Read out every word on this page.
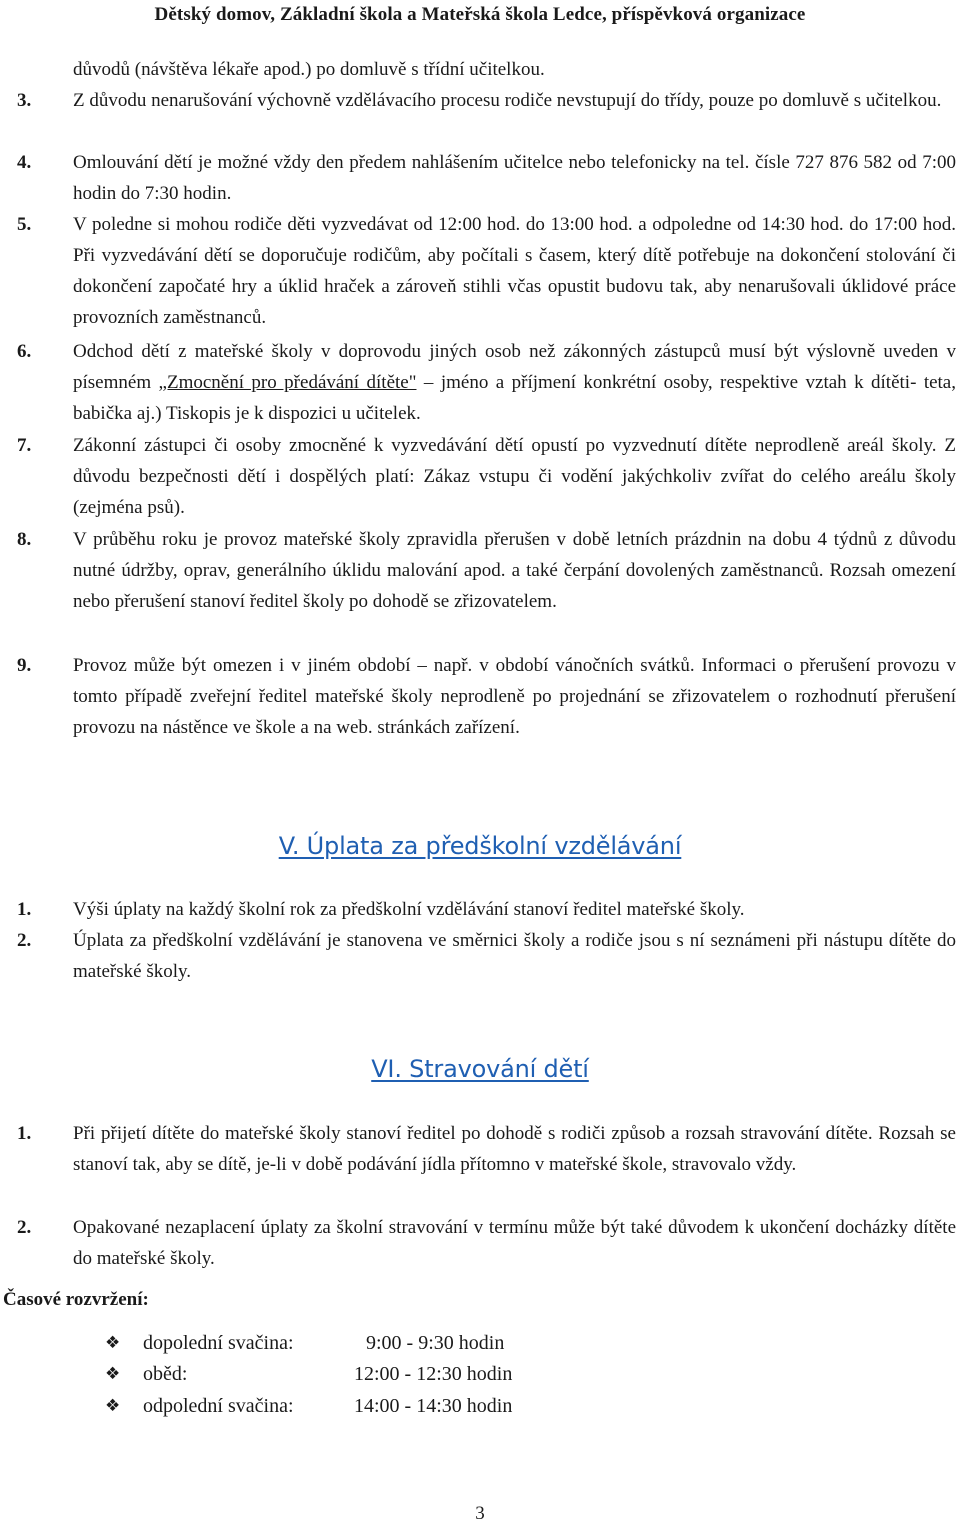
Dětský domov, Základní škola a Mateřská škola Ledce, příspěvková organizace
důvodů (návštěva lékaře apod.) po domluvě s třídní učitelkou.
3. Z důvodu nenarušování výchovně vzdělávacího procesu rodiče nevstupují do třídy, pouze po domluvě s učitelkou.
4. Omlouvání dětí je možné vždy den předem nahlášením učitelce nebo telefonicky na tel. čísle 727 876 582 od 7:00 hodin do 7:30 hodin.
5. V poledne si mohou rodiče děti vyzvedávat od 12:00 hod. do 13:00 hod. a odpoledne od 14:30 hod. do 17:00 hod. Při vyzvedávání dětí se doporučuje rodičům, aby počítali s časem, který dítě potřebuje na dokončení stolování či dokončení započaté hry a úklid hraček a zároveň stihli včas opustit budovu tak, aby nenarušovali úklidové práce provozních zaměstnanců.
6. Odchod dětí z mateřské školy v doprovodu jiných osob než zákonných zástupců musí být výslovně uveden v písemném „Zmocnění pro předávání dítěte" – jméno a příjmení konkrétní osoby, respektive vztah k dítěti- teta, babička aj.) Tiskopis je k dispozici u učitelek.
7. Zákonní zástupci či osoby zmocněné k vyzvedávání dětí opustí po vyzvednutí dítěte neprodleně areál školy. Z důvodu bezpečnosti dětí i dospělých platí: Zákaz vstupu či vodění jakýchkoliv zvířat do celého areálu školy (zejména psů).
8. V průběhu roku je provoz mateřské školy zpravidla přerušen v době letních prázdnin na dobu 4 týdnů z důvodu nutné údržby, oprav, generálního úklidu malování apod. a také čerpání dovolených zaměstnanců. Rozsah omezení nebo přerušení stanoví ředitel školy po dohodě se zřizovatelem.
9. Provoz může být omezen i v jiném období – např. v období vánočních svátků. Informaci o přerušení provozu v tomto případě zveřejní ředitel mateřské školy neprodleně po projednání se zřizovatelem o rozhodnutí přerušení provozu na nástěnce ve škole a na web. stránkách zařízení.
V. Úplata za předškolní vzdělávání
1. Výši úplaty na každý školní rok za předškolní vzdělávání stanoví ředitel mateřské školy.
2. Úplata za předškolní vzdělávání je stanovena ve směrnici školy a rodiče jsou s ní seznámeni při nástupu dítěte do mateřské školy.
VI. Stravování dětí
1. Při přijetí dítěte do mateřské školy stanoví ředitel po dohodě s rodiči způsob a rozsah stravování dítěte. Rozsah se stanoví tak, aby se dítě, je-li v době podávání jídla přítomno v mateřské škole, stravovalo vždy.
2. Opakované nezaplacení úplaty za školní stravování v termínu může být také důvodem k ukončení docházky dítěte do mateřské školy.
Časové rozvržení:
❖ dopolední svačina:	9:00 - 9:30 hodin
❖ oběd:	12:00 - 12:30 hodin
❖ odpolední svačina:	14:00 - 14:30 hodin
3
